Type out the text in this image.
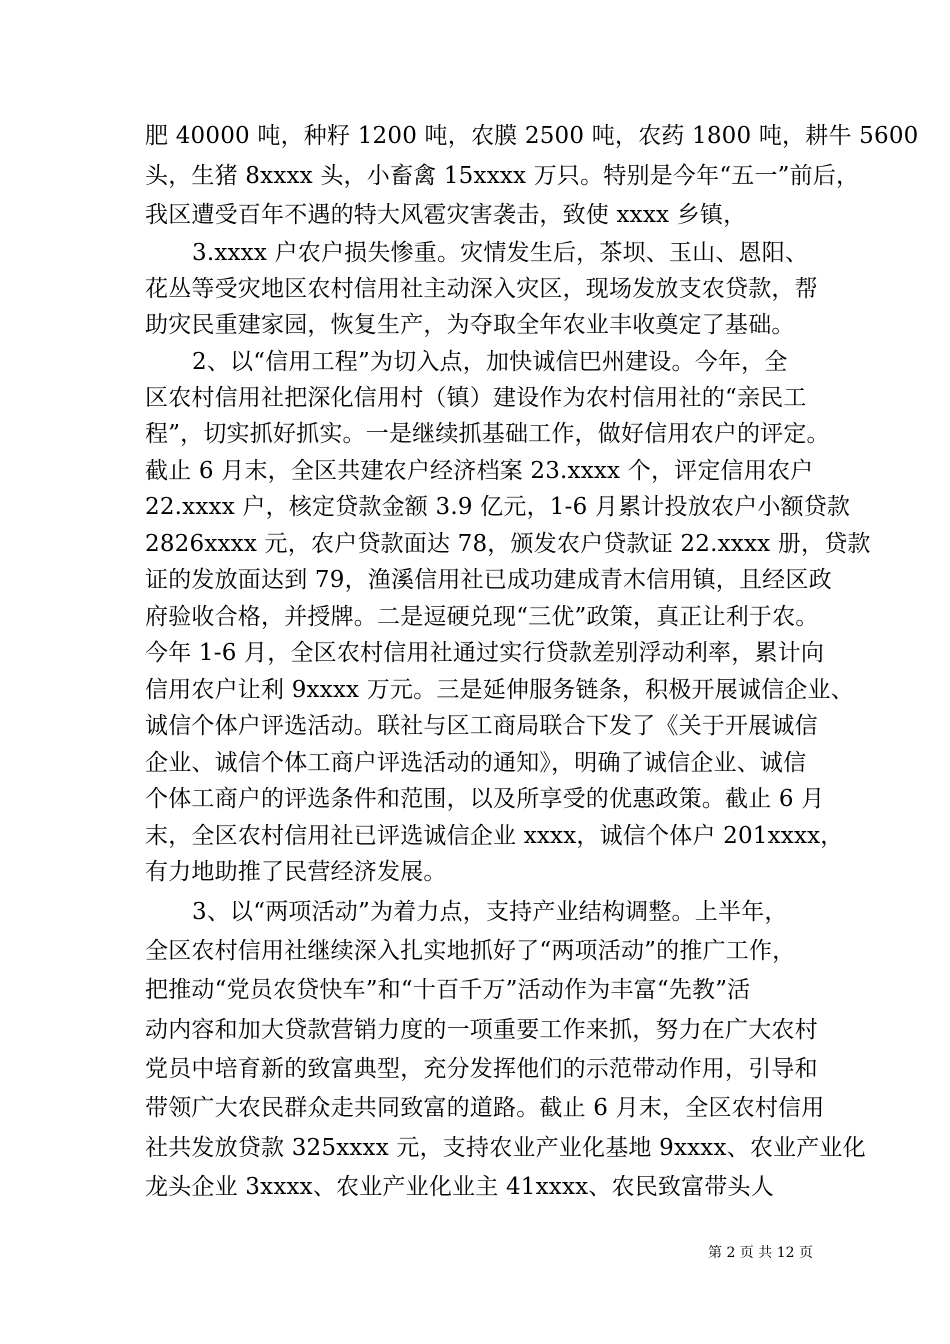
肥 40000 吨，种籽 1200 吨，农膜 2500 吨，农药 1800 吨，耕牛 5600
头，生猪 8xxxx 头，小畜禽 15xxxx 万只。特别是今年“五一”前后，
我区遭受百年不遇的特大风雹灾害袭击，致使 xxxx 乡镇，
3.xxxx 户农户损失惨重。灾情发生后，茶坝、玉山、恩阳、
花丛等受灾地区农村信用社主动深入灾区，现场发放支农贷款，帮
助灾民重建家园，恢复生产，为夺取全年农业丰收奠定了基础。
2、以“信用工程”为切入点，加快诚信巴州建设。今年，全
区农村信用社把深化信用村（镇）建设作为农村信用社的“亲民工
程”，切实抓好抓实。一是继续抓基础工作，做好信用农户的评定。
截止 6 月末，全区共建农户经济档案 23.xxxx 个，评定信用农户
22.xxxx 户，核定贷款金额 3.9 亿元，1-6 月累计投放农户小额贷款
2826xxxx 元，农户贷款面达 78，颁发农户贷款证 22.xxxx 册，贷款
证的发放面达到 79，渔溪信用社已成功建成青木信用镇，且经区政
府验收合格，并授牌。二是逗硬兑现“三优”政策，真正让利于农。
今年 1-6 月，全区农村信用社通过实行贷款差别浮动利率，累计向
信用农户让利 9xxxx 万元。三是延伸服务链条，积极开展诚信企业、
诚信个体户评选活动。联社与区工商局联合下发了《关于开展诚信
企业、诚信个体工商户评选活动的通知》，明确了诚信企业、诚信
个体工商户的评选条件和范围，以及所享受的优惠政策。截止 6 月
末，全区农村信用社已评选诚信企业 xxxx，诚信个体户 201xxxx，
有力地助推了民营经济发展。
3、以“两项活动”为着力点，支持产业结构调整。上半年，
全区农村信用社继续深入扎实地抓好了“两项活动”的推广工作，
把推动“党员农贷快车”和“十百千万”活动作为丰富“先教”活
动内容和加大贷款营销力度的一项重要工作来抓，努力在广大农村
党员中培育新的致富典型，充分发挥他们的示范带动作用，引导和
带领广大农民群众走共同致富的道路。截止 6 月末，全区农村信用
社共发放贷款 325xxxx 元，支持农业产业化基地 9xxxx、农业产业化
龙头企业 3xxxx、农业产业化业主 41xxxx、农民致富带头人
第 2 页 共 12 页
